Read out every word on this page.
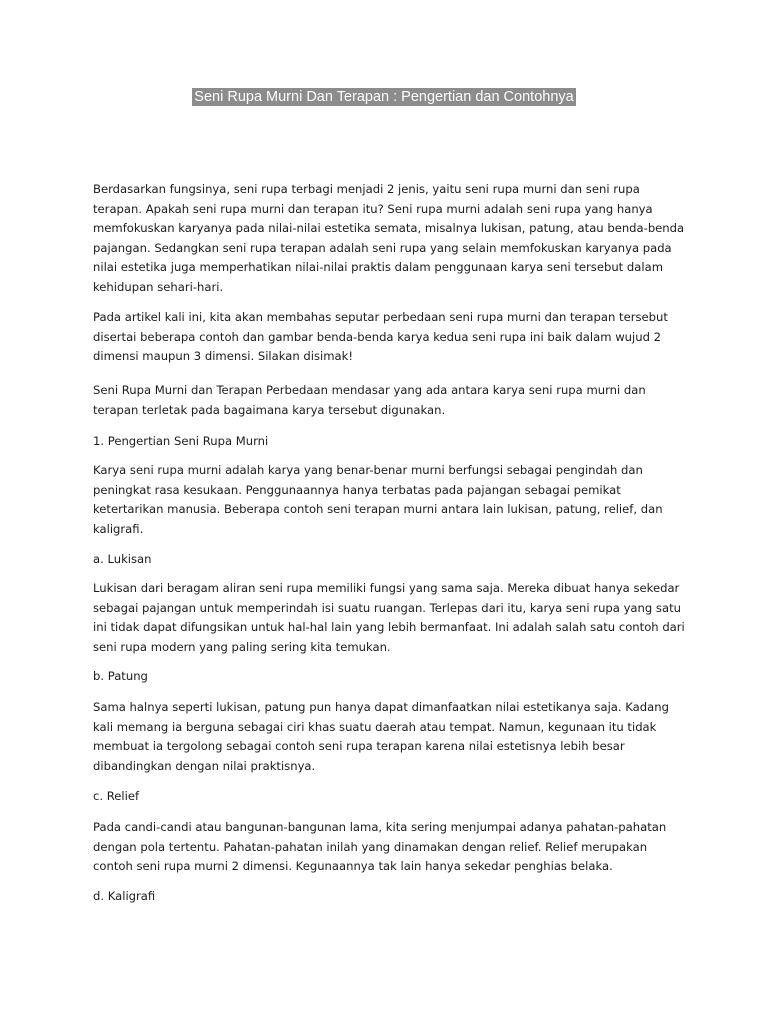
Seni Rupa Murni Dan Terapan : Pengertian dan Contohnya
Berdasarkan fungsinya, seni rupa terbagi menjadi 2 jenis, yaitu seni rupa murni dan seni rupa
terapan. Apakah seni rupa murni dan terapan itu? Seni rupa murni adalah seni rupa yang hanya
memfokuskan karyanya pada nilai-nilai estetika semata, misalnya lukisan, patung, atau benda-benda
pajangan. Sedangkan seni rupa terapan adalah seni rupa yang selain memfokuskan karyanya pada
nilai estetika juga memperhatikan nilai-nilai praktis dalam penggunaan karya seni tersebut dalam
kehidupan sehari-hari.
Pada artikel kali ini, kita akan membahas seputar perbedaan seni rupa murni dan terapan tersebut
disertai beberapa contoh dan gambar benda-benda karya kedua seni rupa ini baik dalam wujud 2
dimensi maupun 3 dimensi. Silakan disimak!
Seni Rupa Murni dan Terapan Perbedaan mendasar yang ada antara karya seni rupa murni dan
terapan terletak pada bagaimana karya tersebut digunakan.
1. Pengertian Seni Rupa Murni
Karya seni rupa murni adalah karya yang benar-benar murni berfungsi sebagai pengindah dan
peningkat rasa kesukaan. Penggunaannya hanya terbatas pada pajangan sebagai pemikat
ketertarikan manusia. Beberapa contoh seni terapan murni antara lain lukisan, patung, relief, dan
kaligrafi.
a. Lukisan
Lukisan dari beragam aliran seni rupa memiliki fungsi yang sama saja. Mereka dibuat hanya sekedar
sebagai pajangan untuk memperindah isi suatu ruangan. Terlepas dari itu, karya seni rupa yang satu
ini tidak dapat difungsikan untuk hal-hal lain yang lebih bermanfaat. Ini adalah salah satu contoh dari
seni rupa modern yang paling sering kita temukan.
b. Patung
Sama halnya seperti lukisan, patung pun hanya dapat dimanfaatkan nilai estetikanya saja. Kadang
kali memang ia berguna sebagai ciri khas suatu daerah atau tempat. Namun, kegunaan itu tidak
membuat ia tergolong sebagai contoh seni rupa terapan karena nilai estetisnya lebih besar
dibandingkan dengan nilai praktisnya.
c. Relief
Pada candi-candi atau bangunan-bangunan lama, kita sering menjumpai adanya pahatan-pahatan
dengan pola tertentu. Pahatan-pahatan inilah yang dinamakan dengan relief. Relief merupakan
contoh seni rupa murni 2 dimensi. Kegunaannya tak lain hanya sekedar penghias belaka.
d. Kaligrafi
